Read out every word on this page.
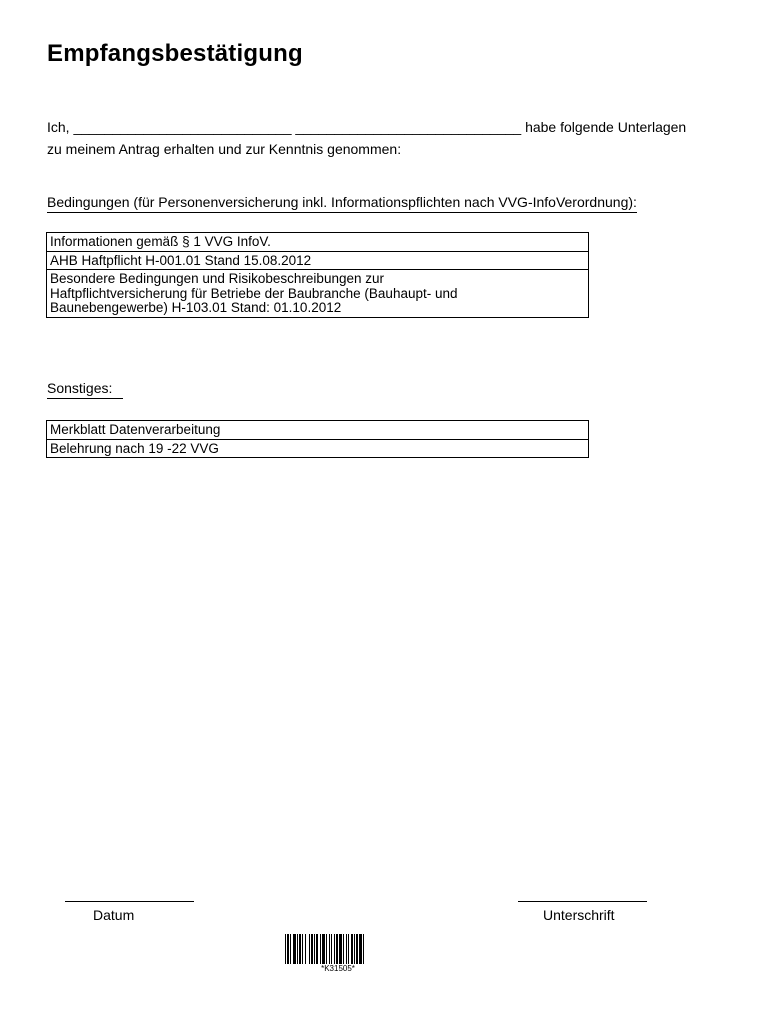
Empfangsbestätigung
Ich, ____________________________ _____________________________ habe folgende Unterlagen
zu meinem Antrag erhalten und zur Kenntnis genommen:
Bedingungen (für Personenversicherung inkl. Informationspflichten nach VVG-InfoVerordnung):
Informationen gemäß § 1 VVG InfoV.
AHB Haftpflicht H-001.01 Stand 15.08.2012
Besondere Bedingungen und Risikobeschreibungen zur
Haftpflichtversicherung für Betriebe der Baubranche (Bauhaupt- und
Baunebengewerbe) H-103.01 Stand: 01.10.2012
Sonstiges:
Merkblatt Datenverarbeitung
Belehrung nach 19 -22 VVG
Datum	Unterschrift
*K31505*
